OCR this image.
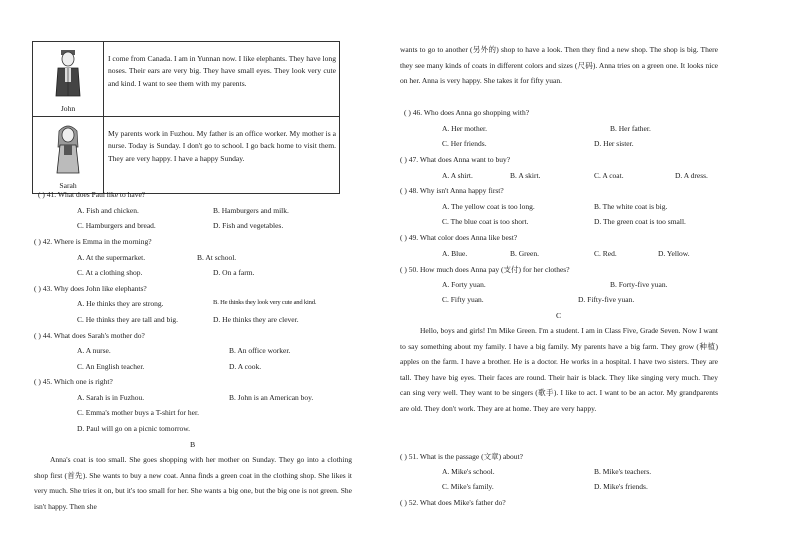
John	I come from Canada. I am in Yunnan now. I like elephants. They have long noses. Their ears are very big. They have small eyes. They look very cute and kind. I want to see them with my parents.

Sarah	My parents work in Fuzhou. My father is an office worker. My mother is a nurse. Today is Sunday. I don't go to school. I go back home to visit them. They are very happy. I have a happy Sunday.
( ) 41. What does Paul like to have?
A. Fish and chicken.	B. Hamburgers and milk.
C. Hamburgers and bread.	D. Fish and vegetables.
( ) 42. Where is Emma in the morning?
A. At the supermarket.	B. At school.
C. At a clothing shop.	D. On a farm.
( ) 43. Why does John like elephants?
A. He thinks they are strong.	B. He thinks they look very cute and kind.
C. He thinks they are tall and big.	D. He thinks they are clever.
( ) 44. What does Sarah's mother do?
A. A nurse.	B. An office worker.
C. An English teacher.	D. A cook.
( ) 45. Which one is right?
A. Sarah is in Fuzhou.	B. John is an American boy.
C. Emma's mother buys a T-shirt for her.
D. Paul will go on a picnic tomorrow.
B
Anna's coat is too small. She goes shopping with her mother on Sunday. They go into a clothing shop first (首先). She wants to buy a new coat. Anna finds a green coat in the clothing shop. She likes it very much. She tries it on, but it's too small for her. She wants a big one, but the big one is not green. She isn't happy. Then she
wants to go to another (另外的) shop to have a look. Then they find a new shop. The shop is big. There they see many kinds of coats in different colors and sizes (尺码). Anna tries on a green one. It looks nice on her. Anna is very happy. She takes it for fifty yuan.
( ) 46. Who does Anna go shopping with?
A. Her mother.	B. Her father.
C. Her friends.	D. Her sister.
( ) 47. What does Anna want to buy?
A. A shirt.	B. A skirt.	C. A coat.	D. A dress.
( ) 48. Why isn't Anna happy first?
A. The yellow coat is too long.	B. The white coat is big.
C. The blue coat is too short.	D. The green coat is too small.
( ) 49. What color does Anna like best?
A. Blue.	B. Green.	C. Red.	D. Yellow.
( ) 50. How much does Anna pay (支付) for her clothes?
A. Forty yuan.	B. Forty-five yuan.
C. Fifty yuan.	D. Fifty-five yuan.
C
Hello, boys and girls! I'm Mike Green. I'm a student. I am in Class Five, Grade Seven. Now I want to say something about my family. I have a big family. My parents have a big farm. They grow (种植) apples on the farm. I have a brother. He is a doctor. He works in a hospital. I have two sisters. They are tall. They have big eyes. Their faces are round. Their hair is black. They like singing very much. They can sing very well. They want to be singers (歌手). I like to act. I want to be an actor. My grandparents are old. They don't work. They are at home. They are very happy.
( ) 51. What is the passage (文章) about?
A. Mike's school.	B. Mike's teachers.
C. Mike's family.	D. Mike's friends.
( ) 52. What does Mike's father do?
